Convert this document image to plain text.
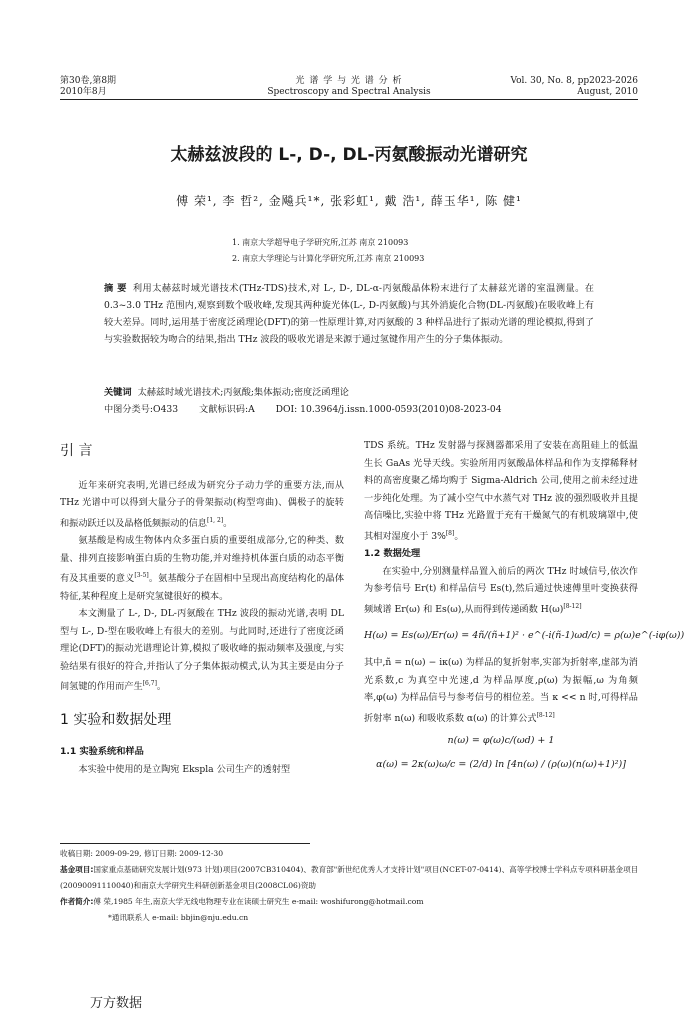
第30卷,第8期
2010年8月
光 谱 学 与 光 谱 分 析
Spectroscopy and Spectral Analysis
Vol. 30, No. 8, pp2023-2026
August, 2010
太赫兹波段的 L-, D-, DL-丙氨酸振动光谱研究
傅 荣¹, 李 哲², 金飚兵¹*, 张彩虹¹, 戴 浩¹, 薛玉华¹, 陈 健¹
1. 南京大学超导电子学研究所,江苏 南京 210093
2. 南京大学理论与计算化学研究所,江苏 南京 210093
摘 要 利用太赫兹时域光谱技术(THz-TDS)技术,对 L-, D-, DL-α-丙氨酸晶体粉末进行了太赫兹光谱的室温测量。在 0.3~3.0 THz 范围内,观察到数个吸收峰,发现其两种旋光体(L-, D-丙氨酸)与其外消旋化合物(DL-丙氨酸)在吸收峰上有较大差异。同时,运用基于密度泛函理论(DFT)的第一性原理计算,对丙氨酸的 3 种样品进行了振动光谱的理论模拟,得到了与实验数据较为吻合的结果,指出 THz 波段的吸收光谱是来源于通过氢键作用产生的分子集体振动。
关键词 太赫兹时域光谱技术;丙氨酸;集体振动;密度泛函理论
中图分类号:O433 文献标识码:A DOI: 10.3964/j.issn.1000-0593(2010)08-2023-04
引 言
近年来研究表明,光谱已经成为研究分子动力学的重要方法,而从 THz 光谱中可以得到大量分子的骨架振动(构型弯曲)、偶极子的旋转和振动跃迁以及晶格低频振动的信息[1, 2]。
氨基酸是构成生物体内众多蛋白质的重要组成部分,它的种类、数量、排列直接影响蛋白质的生物功能,并对维持机体蛋白质的动态平衡有及其重要的意义[3-5]。氨基酸分子在固相中呈现出高度结构化的晶体特征,某种程度上是研究氢键很好的模本。
本文测量了 L-, D-, DL-丙氨酸在 THz 波段的振动光谱,表明 DL 型与 L-, D-型在吸收峰上有很大的差别。与此同时,还进行了密度泛函理论(DFT)的振动光谱理论计算,模拟了吸收峰的振动频率及强度,与实验结果有很好的符合,并指认了分子集体振动模式,认为其主要是由分子间氢键的作用而产生[6,7]。
1 实验和数据处理
1.1 实验系统和样品
本实验中使用的是立陶宛 Ekspla 公司生产的透射型
TDS 系统。THz 发射器与探测器都采用了安装在高阻硅上的低温生长 GaAs 光导天线。实验所用丙氨酸晶体样品和作为支撑稀释材料的高密度聚乙烯均购于 Sigma-Aldrich 公司,使用之前未经过进一步纯化处理。为了减小空气中水蒸气对 THz 波的强烈吸收并且提高信噪比,实验中将 THz 光路置于充有干燥氮气的有机玻璃罩中,使其相对湿度小于 3%[8]。
1.2 数据处理
在实验中,分别测量样品置入前后的两次 THz 时域信号,依次作为参考信号 Er(t) 和样品信号 Es(t),然后通过快速傅里叶变换获得频域谱 Er(ω) 和 Es(ω),从而得到传递函数 H(ω)[8-12]
H(ω) = Es(ω)/Er(ω) = 4ñ/(ñ+1)² · e^(-i(ñ-1)ωd/c) = ρ(ω)e^(-iφ(ω))
其中,ñ = n(ω) − iκ(ω) 为样品的复折射率,实部为折射率,虚部为消光系数,c 为真空中光速,d 为样品厚度,ρ(ω) 为振幅,ω 为角频率,φ(ω) 为样品信号与参考信号的相位差。当 κ << n 时,可得样品折射率 n(ω) 和吸收系数 α(ω) 的计算公式[8-12]
n(ω) = φ(ω)c/(ωd) + 1
α(ω) = 2κ(ω)ω/c = (2/d) ln [4n(ω) / (ρ(ω)(n(ω)+1)²)]
收稿日期: 2009-09-29, 修订日期: 2009-12-30
基金项目:国家重点基础研究发展计划(973 计划)项目(2007CB310404)、教育部"新世纪优秀人才支持计划"项目(NCET-07-0414)、高等学校博士学科点专项科研基金项目(20090091110040)和南京大学研究生科研创新基金项目(2008CL06)资助
作者简介:傅 荣,1985 年生,南京大学无线电物理专业在读硕士研究生 e-mail: woshifurong@hotmail.com
*通讯联系人 e-mail: bbjin@nju.edu.cn
万方数据
